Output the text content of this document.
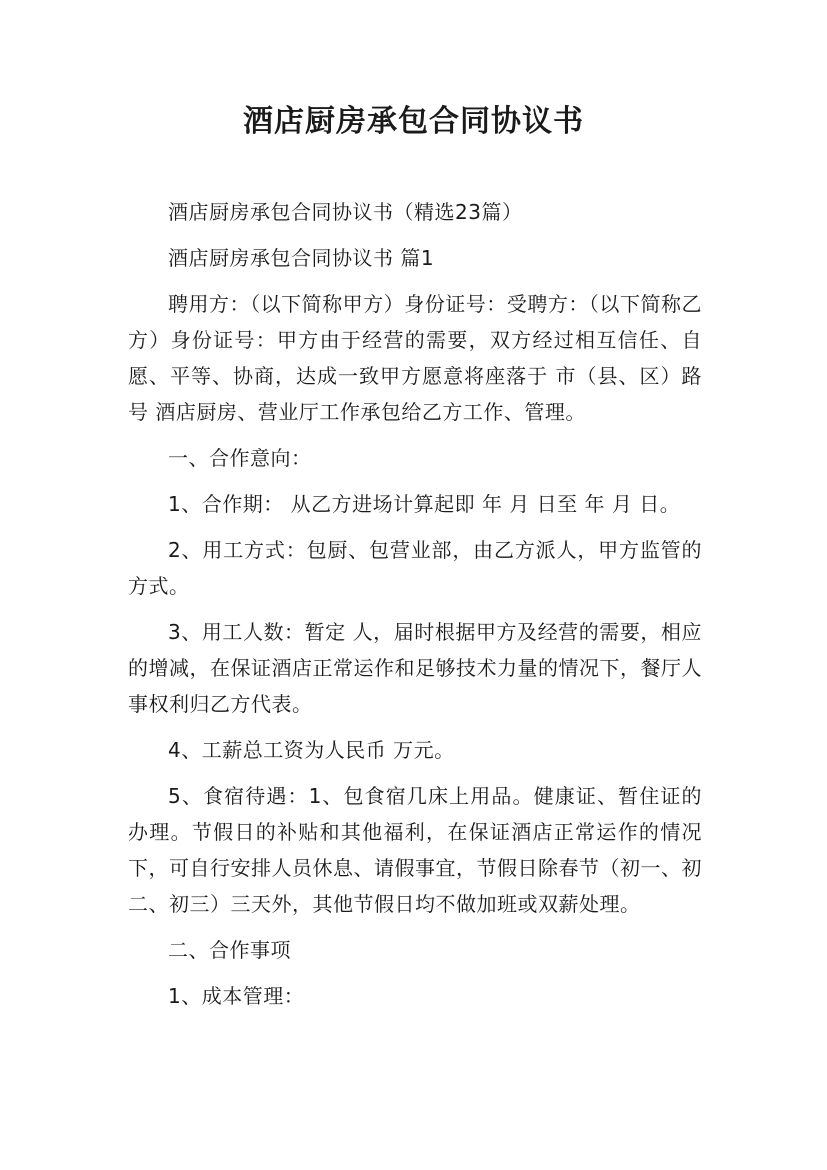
酒店厨房承包合同协议书

酒店厨房承包合同协议书（精选23篇）

酒店厨房承包合同协议书 篇1

聘用方：（以下简称甲方）身份证号：受聘方：（以下简称乙方）身份证号：甲方由于经营的需要，双方经过相互信任、自愿、平等、协商，达成一致甲方愿意将座落于 市（县、区）路号 酒店厨房、营业厅工作承包给乙方工作、管理。

一、合作意向：

1、合作期： 从乙方进场计算起即 年 月 日至 年 月 日。

2、用工方式：包厨、包营业部，由乙方派人，甲方监管的方式。

3、用工人数：暂定 人，届时根据甲方及经营的需要，相应的增减，在保证酒店正常运作和足够技术力量的情况下，餐厅人事权利归乙方代表。

4、工薪总工资为人民币 万元。

5、食宿待遇：1、包食宿几床上用品。健康证、暂住证的办理。节假日的补贴和其他福利，在保证酒店正常运作的情况下，可自行安排人员休息、请假事宜，节假日除春节（初一、初二、初三）三天外，其他节假日均不做加班或双薪处理。

二、合作事项

1、成本管理：
